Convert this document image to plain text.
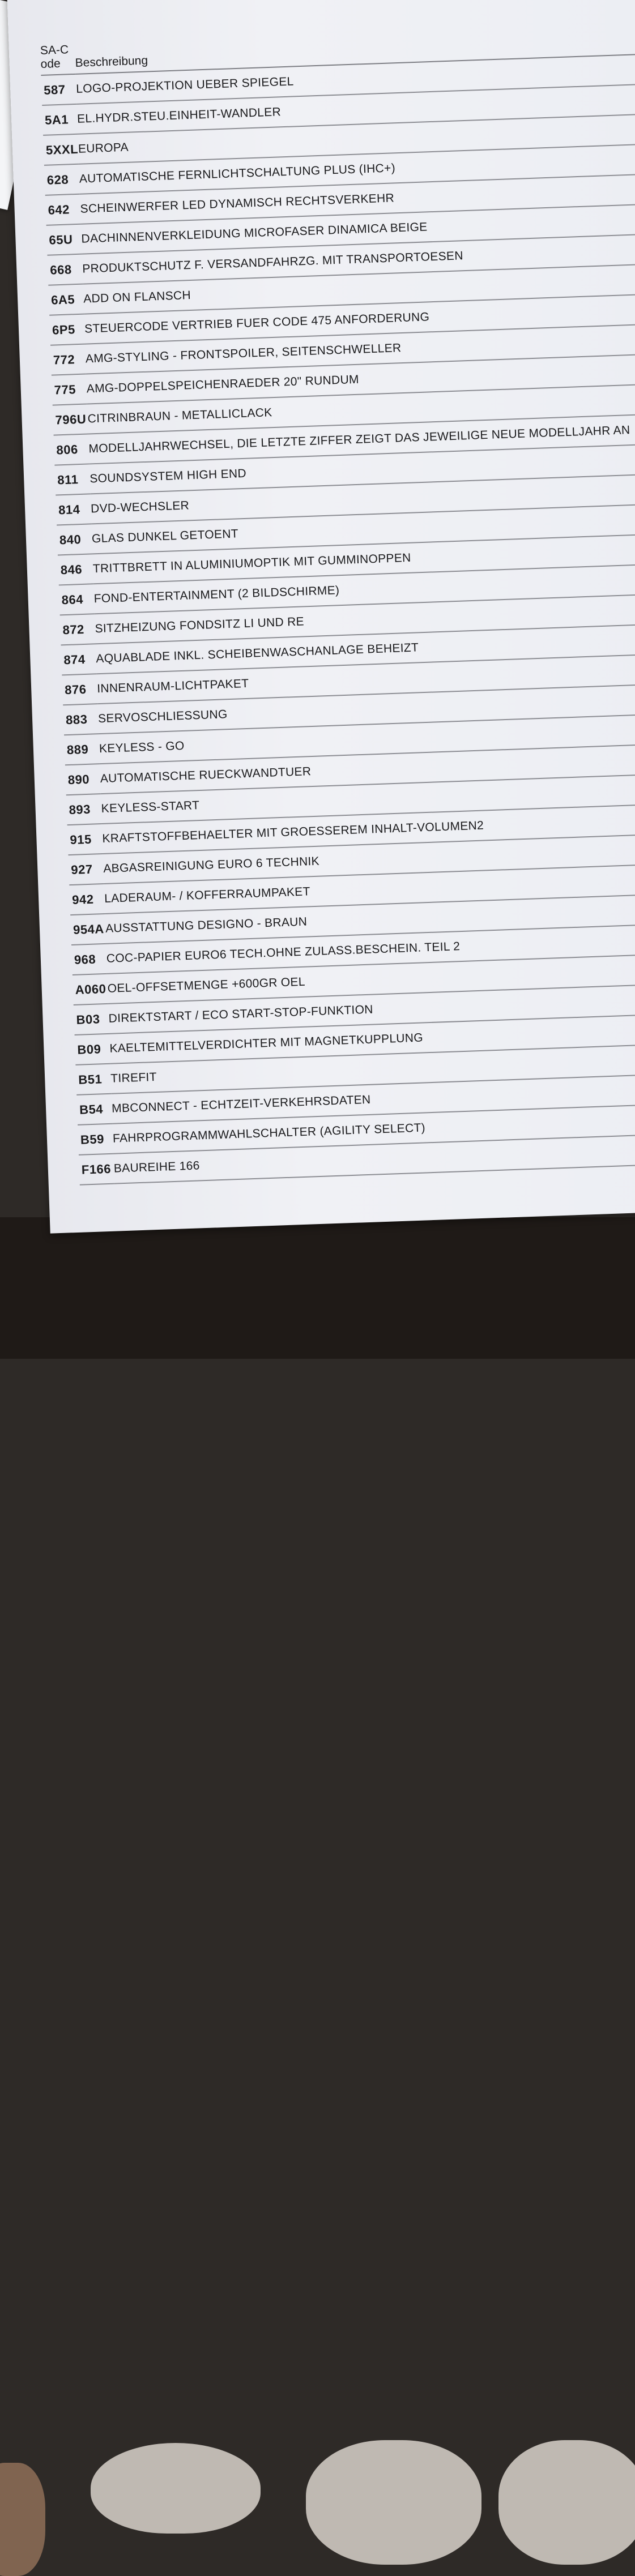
SA-Code	Beschreibung
587	LOGO-PROJEKTION UEBER SPIEGEL
5A1	EL.HYDR.STEU.EINHEIT-WANDLER
5XXL	EUROPA
628	AUTOMATISCHE FERNLICHTSCHALTUNG PLUS (IHC+)
642	SCHEINWERFER LED DYNAMISCH RECHTSVERKEHR
65U	DACHINNENVERKLEIDUNG MICROFASER DINAMICA BEIGE
668	PRODUKTSCHUTZ F. VERSANDFAHRZG. MIT TRANSPORTOESEN
6A5	ADD ON FLANSCH
6P5	STEUERCODE VERTRIEB FUER CODE 475 ANFORDERUNG
772	AMG-STYLING - FRONTSPOILER, SEITENSCHWELLER
775	AMG-DOPPELSPEICHENRAEDER 20" RUNDUM
796U	CITRINBRAUN - METALLICLACK
806	MODELLJAHRWECHSEL, DIE LETZTE ZIFFER ZEIGT DAS JEWEILIGE NEUE MODELLJAHR AN
811	SOUNDSYSTEM HIGH END
814	DVD-WECHSLER
840	GLAS DUNKEL GETOENT
846	TRITTBRETT IN ALUMINIUMOPTIK MIT GUMMINOPPEN
864	FOND-ENTERTAINMENT (2 BILDSCHIRME)
872	SITZHEIZUNG FONDSITZ LI UND RE
874	AQUABLADE INKL. SCHEIBENWASCHANLAGE BEHEIZT
876	INNENRAUM-LICHTPAKET
883	SERVOSCHLIESSUNG
889	KEYLESS - GO
890	AUTOMATISCHE RUECKWANDTUER
893	KEYLESS-START
915	KRAFTSTOFFBEHAELTER MIT GROESSEREM INHALT-VOLUMEN2
927	ABGASREINIGUNG EURO 6 TECHNIK
942	LADERAUM- / KOFFERRAUMPAKET
954A	AUSSTATTUNG DESIGNO - BRAUN
968	COC-PAPIER EURO6 TECH.OHNE ZULASS.BESCHEIN. TEIL 2
A060	OEL-OFFSETMENGE +600GR OEL
B03	DIREKTSTART / ECO START-STOP-FUNKTION
B09	KAELTEMITTELVERDICHTER MIT MAGNETKUPPLUNG
B51	TIREFIT
B54	MBCONNECT - ECHTZEIT-VERKEHRSDATEN
B59	FAHRPROGRAMMWAHLSCHALTER (AGILITY SELECT)
F166	BAUREIHE 166
